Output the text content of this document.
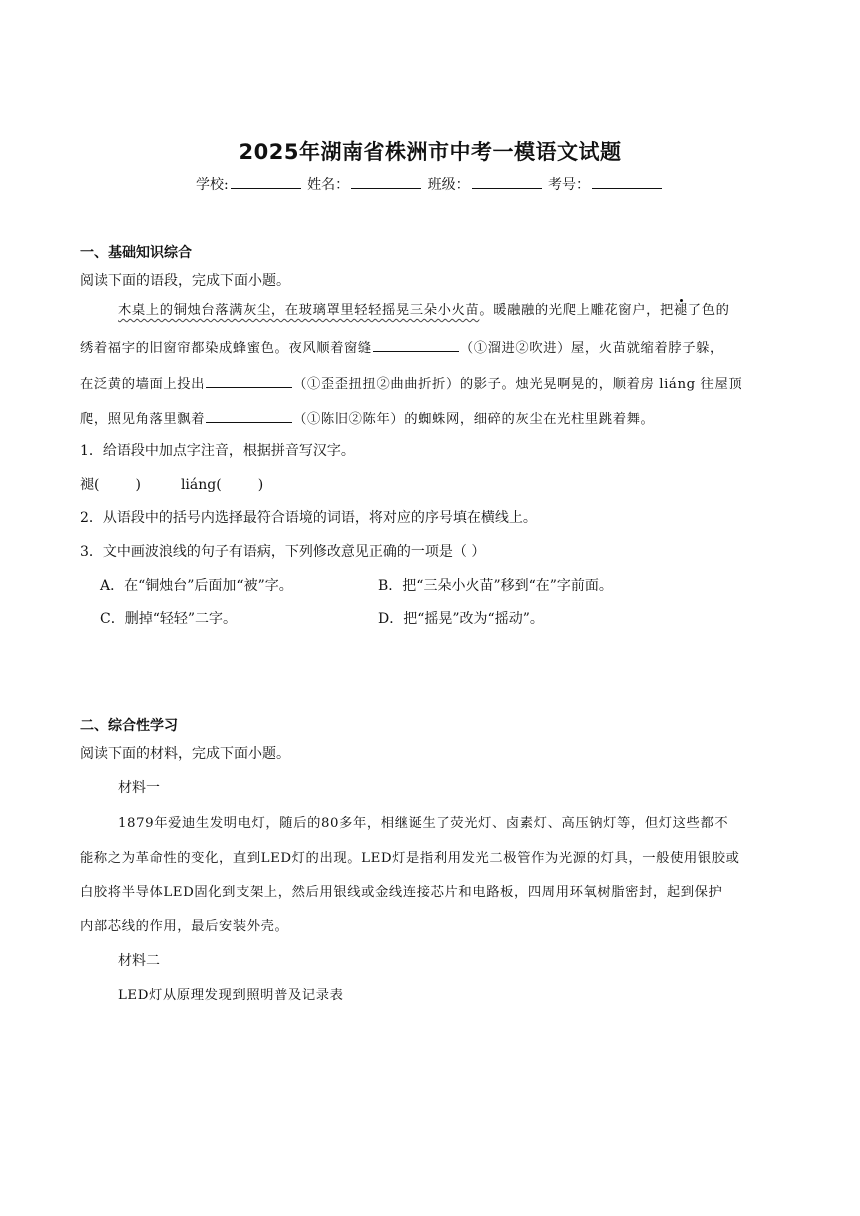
2025年湖南省株洲市中考一模语文试题
学校:	姓名：	班级：	考号：
一、基础知识综合
阅读下面的语段，完成下面小题。
木桌上的铜烛台落满灰尘，在玻璃罩里轻轻摇晃三朵小火苗。暖融融的光爬上雕花窗户，把褪了色的
绣着福字的旧窗帘都染成蜂蜜色。夜风顺着窗缝	（①溜进②吹进）屋，火苗就缩着脖子躲，
在泛黄的墙面上投出	（①歪歪扭扭②曲曲折折）的影子。烛光晃啊晃的，顺着房 liáng 往屋顶
爬，照见角落里飘着	（①陈旧②陈年）的蜘蛛网，细碎的灰尘在光柱里跳着舞。
1．给语段中加点字注音，根据拼音写汉字。
褪(	)	liáng(	)
2．从语段中的括号内选择最符合语境的词语，将对应的序号填在横线上。
3．文中画波浪线的句子有语病，下列修改意见正确的一项是（ ）
A．在“铜烛台”后面加“被”字。	B．把“三朵小火苗”移到“在”字前面。
C．删掉“轻轻”二字。	D．把“摇晃”改为“摇动”。
二、综合性学习
阅读下面的材料，完成下面小题。
材料一
1879年爱迪生发明电灯，随后的80多年，相继诞生了荧光灯、卤素灯、高压钠灯等，但灯这些都不
能称之为革命性的变化，直到LED灯的出现。LED灯是指利用发光二极管作为光源的灯具，一般使用银胶或
白胶将半导体LED固化到支架上，然后用银线或金线连接芯片和电路板，四周用环氧树脂密封，起到保护
内部芯线的作用，最后安装外壳。
材料二
LED灯从原理发现到照明普及记录表
